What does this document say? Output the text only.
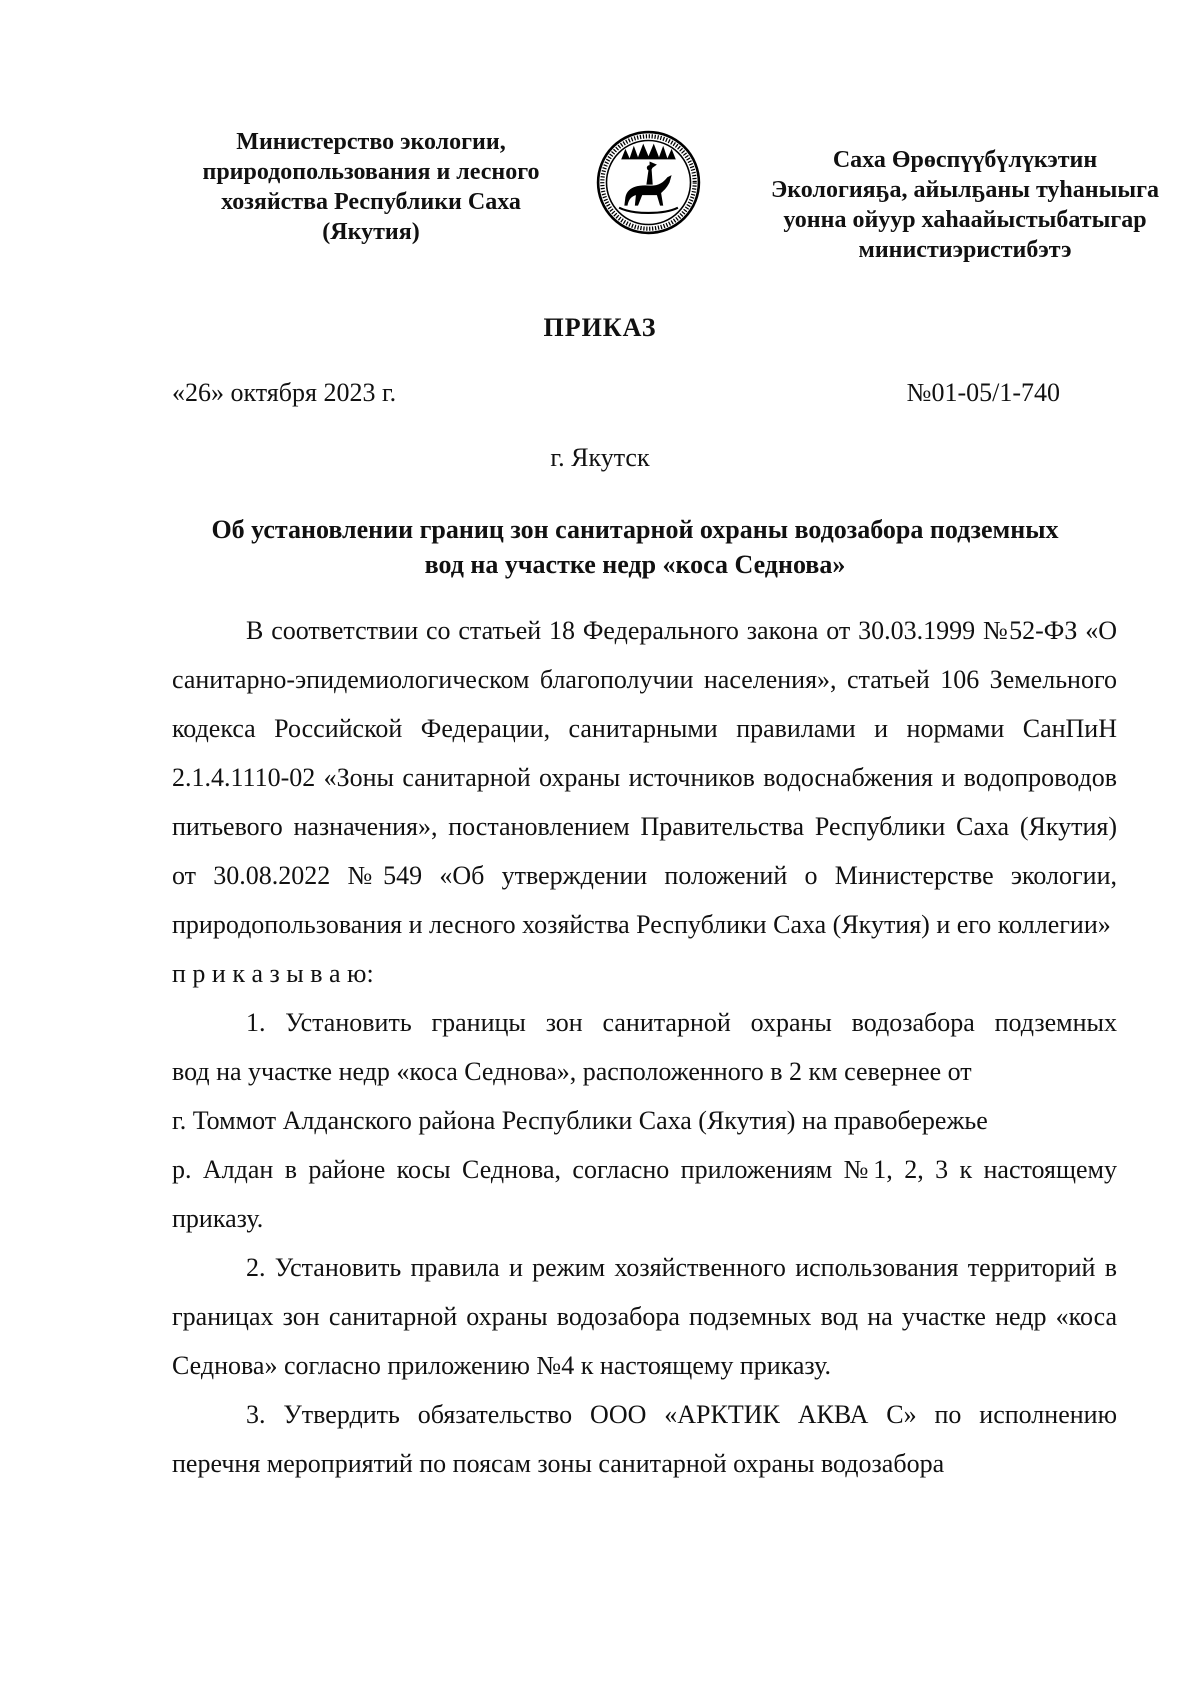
Министерство экологии,
природопользования и лесного
хозяйства Республики Саха
(Якутия)
Саха Өрөспүүбүлүкэтин
Экологияҕа, айылҕаны туһаныыга
уонна ойуур хаһаайыстыбатыгар
министиэристибэтэ
ПРИКАЗ
«26» октября 2023 г.	№01-05/1-740
г. Якутск
Об установлении границ зон санитарной охраны водозабора подземных
вод на участке недр «коса Седнова»

В соответствии со статьей 18 Федерального закона от 30.03.1999 №52-ФЗ «О санитарно-эпидемиологическом благополучии населения», статьей 106 Земельного кодекса Российской Федерации, санитарными правилами и нормами СанПиН 2.1.4.1110-02 «Зоны санитарной охраны источников водоснабжения и водопроводов питьевого назначения», постановлением Правительства Республики Саха (Якутия) от 30.08.2022 №549 «Об утверждении положений о Министерстве экологии, природопользования и лесного хозяйства Республики Саха (Якутия) и его коллегии»

п р и к а з ы в а ю:

1. Установить границы зон санитарной охраны водозабора подземных
вод на участке недр «коса Седнова», расположенного в 2 км севернее от
г. Томмот Алданского района Республики Саха (Якутия) на правобережье
р. Алдан в районе косы Седнова, согласно приложениям №1, 2, 3 к настоящему
приказу.

2. Установить правила и режим хозяйственного использования территорий в границах зон санитарной охраны водозабора подземных вод на участке недр «коса Седнова» согласно приложению №4 к настоящему приказу.

3. Утвердить обязательство ООО «АРКТИК АКВА С» по исполнению перечня мероприятий по поясам зоны санитарной охраны водозабора
